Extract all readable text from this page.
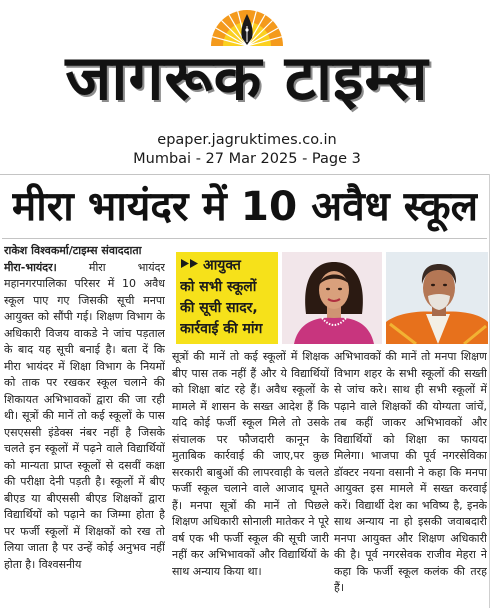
जागरूक टाइम्स
epaper.jagruktimes.co.in
Mumbai - 27 Mar 2025 - Page 3
मीरा भायंदर में 10 अवैध स्कूल
राकेश विश्वकर्मा/टाइम्स संवाददाता

मीरा-भायंदर।	मीरा भायंदर महानगरपालिका परिसर में 10 अवैध स्कूल पाए गए जिसकी सूची मनपा आयुक्त को सौंपी गई। शिक्षण विभाग के अधिकारी विजय वाकडे ने जांच पड़ताल के बाद यह सूची बनाई है। बता दें कि मीरा भायंदर में शिक्षा विभाग के नियमों को ताक पर रखकर स्कूल चलाने की शिकायत अभिभावकों द्वारा की जा रही थी। सूत्रों की मानें तो कई स्कूलों के पास एसएससी इंडेक्स नंबर नहीं है जिसके चलते इन स्कूलों में पढ़ने वाले विद्यार्थियों को मान्यता प्राप्त स्कूलों से दसवीं कक्षा की परीक्षा देनी पड़ती है। स्कूलों में बीए बीएड या बीएससी बीएड शिक्षकों द्वारा विद्यार्थियों को पढ़ाने का जिम्मा होता है पर फर्जी स्कूलों में शिक्षकों को रख तो लिया जाता है पर उन्हें कोई अनुभव नहीं होता है। विश्वसनीय

आयुक्त
को सभी स्कूलों
की सूची सादर,
कार्रवाई की मांग

सूत्रों की मानें तो कई स्कूलों में शिक्षक बीए पास तक नहीं हैं और ये विद्यार्थियों को शिक्षा बांट रहे हैं। अवैध स्कूलों के मामले में शासन के सख्त आदेश हैं कि यदि कोई फर्जी स्कूल मिले तो उसके संचालक पर फौजदारी कानून के मुताबिक कार्रवाई की जाए,पर कुछ सरकारी बाबुओं की लापरवाही के चलते फर्जी स्कूल चलाने वाले आजाद घूमते हैं। मनपा सूत्रों की मानें तो पिछले शिक्षण अधिकारी सोनाली मातेकर ने पूरे वर्ष एक भी फर्जी स्कूल की सूची जारी नहीं कर अभिभावकों और विद्यार्थियों के साथ अन्याय किया था।

अभिभावकों की मानें तो मनपा शिक्षण विभाग शहर के सभी स्कूलों की सख्ती से जांच करे। साथ ही सभी स्कूलों में पढ़ाने वाले शिक्षकों की योग्यता जांचें, तब कहीं जाकर अभिभावकों और विद्यार्थियों को शिक्षा का फायदा मिलेगा। भाजपा की पूर्व नगरसेविका डॉक्टर नयना वसानी ने कहा कि मनपा आयुक्त इस मामले में सख्त करवाई करें। विद्यार्थी देश का भविष्य है, इनके साथ अन्याय ना हो इसकी जवाबदारी मनपा आयुक्त और शिक्षण अधिकारी की है। पूर्व नगरसेवक राजीव मेहरा ने कहा कि फर्जी स्कूल कलंक की तरह हैं।
